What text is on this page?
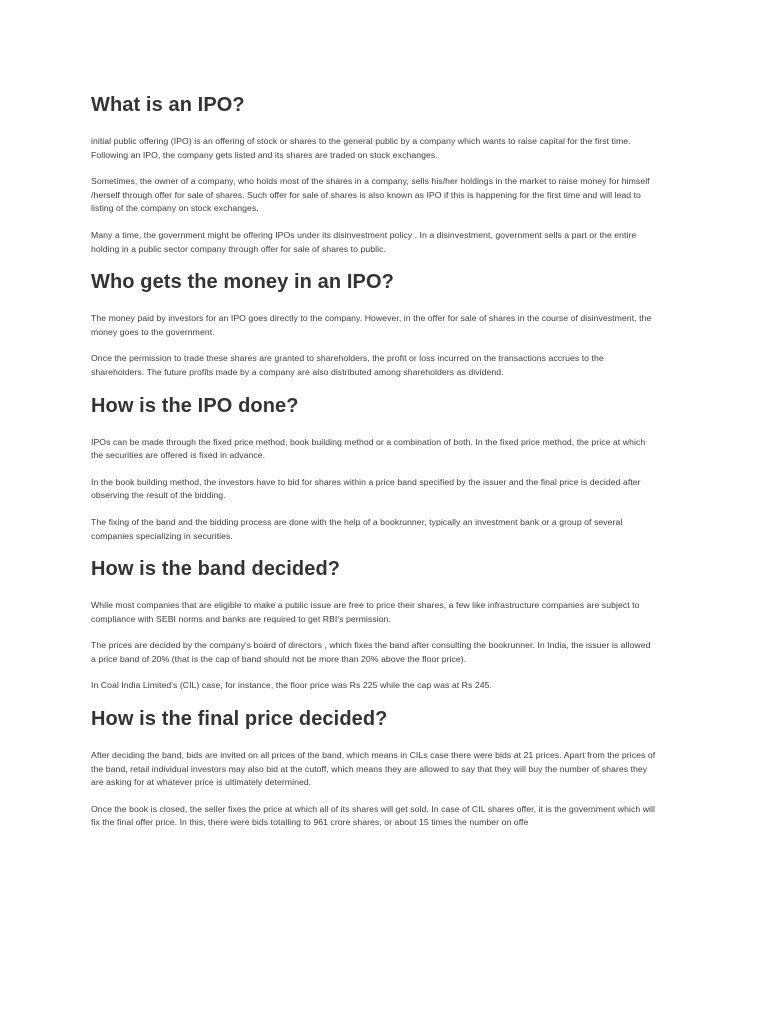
What is an IPO?

initial public offering (IPO) is an offering of stock or shares to the general public by a company which wants to raise capital for the first time. Following an IPO, the company gets listed and its shares are traded on stock exchanges.

Sometimes, the owner of a company, who holds most of the shares in a company, sells his/her holdings in the market to raise money for himself /herself through offer for sale of shares. Such offer for sale of shares is also known as IPO if this is happening for the first time and will lead to listing of the company on stock exchanges.

Many a time, the government might be offering IPOs under its disinvestment policy . In a disinvestment, government sells a part or the entire holding in a public sector company through offer for sale of shares to public.

Who gets the money in an IPO?

The money paid by investors for an IPO goes directly to the company. However, in the offer for sale of shares in the course of disinvestment, the money goes to the government.

Once the permission to trade these shares are granted to shareholders, the profit or loss incurred on the transactions accrues to the shareholders. The future profits made by a company are also distributed among shareholders as dividend.

How is the IPO done?

IPOs can be made through the fixed price method, book building method or a combination of both. In the fixed price method, the price at which the securities are offered is fixed in advance.

In the book building method, the investors have to bid for shares within a price band specified by the issuer and the final price is decided after observing the result of the bidding.

The fixing of the band and the bidding process are done with the help of a bookrunner, typically an investment bank or a group of several companies specializing in securities.

How is the band decided?

While most companies that are eligible to make a public issue are free to price their shares, a few like infrastructure companies are subject to compliance with SEBI norms and banks are required to get RBI's permission.

The prices are decided by the company's board of directors , which fixes the band after consulting the bookrunner. In India, the issuer is allowed a price band of 20% (that is the cap of band should not be more than 20% above the floor price).

In Coal India Limited's (CIL) case, for instance, the floor price was Rs 225 while the cap was at Rs 245.

How is the final price decided?

After deciding the band, bids are invited on all prices of the band, which means in CILs case there were bids at 21 prices. Apart from the prices of the band, retail individual investors may also bid at the cutoff, which means they are allowed to say that they will buy the number of shares they are asking for at whatever price is ultimately determined.

Once the book is closed, the seller fixes the price at which all of its shares will get sold. In case of CIL shares offer, it is the government which will fix the final offer price. In this, there were bids totalling to 961 crore shares, or about 15 times the number on offe
